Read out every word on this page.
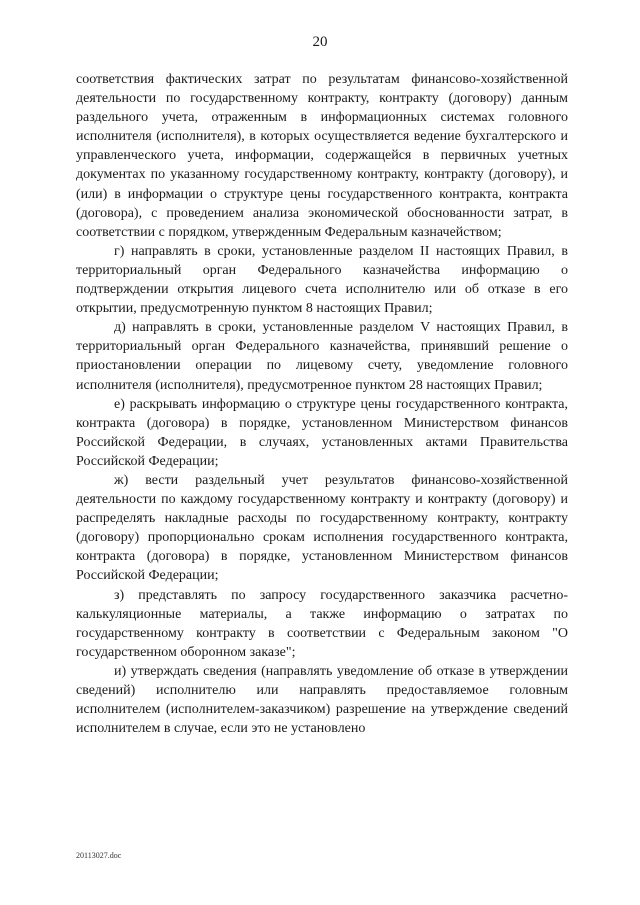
20

соответствия фактических затрат по результатам финансово-хозяйственной деятельности по государственному контракту, контракту (договору) данным раздельного учета, отраженным в информационных системах головного исполнителя (исполнителя), в которых осуществляется ведение бухгалтерского и управленческого учета, информации, содержащейся в первичных учетных документах по указанному государственному контракту, контракту (договору), и (или) в информации о структуре цены государственного контракта, контракта (договора), с проведением анализа экономической обоснованности затрат, в соответствии с порядком, утвержденным Федеральным казначейством;

г) направлять в сроки, установленные разделом II настоящих Правил, в территориальный орган Федерального казначейства информацию о подтверждении открытия лицевого счета исполнителю или об отказе в его открытии, предусмотренную пунктом 8 настоящих Правил;

д) направлять в сроки, установленные разделом V настоящих Правил, в территориальный орган Федерального казначейства, принявший решение о приостановлении операции по лицевому счету, уведомление головного исполнителя (исполнителя), предусмотренное пунктом 28 настоящих Правил;

е) раскрывать информацию о структуре цены государственного контракта, контракта (договора) в порядке, установленном Министерством финансов Российской Федерации, в случаях, установленных актами Правительства Российской Федерации;

ж) вести раздельный учет результатов финансово-хозяйственной деятельности по каждому государственному контракту и контракту (договору) и распределять накладные расходы по государственному контракту, контракту (договору) пропорционально срокам исполнения государственного контракта, контракта (договора) в порядке, установленном Министерством финансов Российской Федерации;

з) представлять по запросу государственного заказчика расчетно-калькуляционные материалы, а также информацию о затратах по государственному контракту в соответствии с Федеральным законом "О государственном оборонном заказе";

и) утверждать сведения (направлять уведомление об отказе в утверждении сведений) исполнителю или направлять предоставляемое головным исполнителем (исполнителем-заказчиком) разрешение на утверждение сведений исполнителем в случае, если это не установлено

20113027.doc
